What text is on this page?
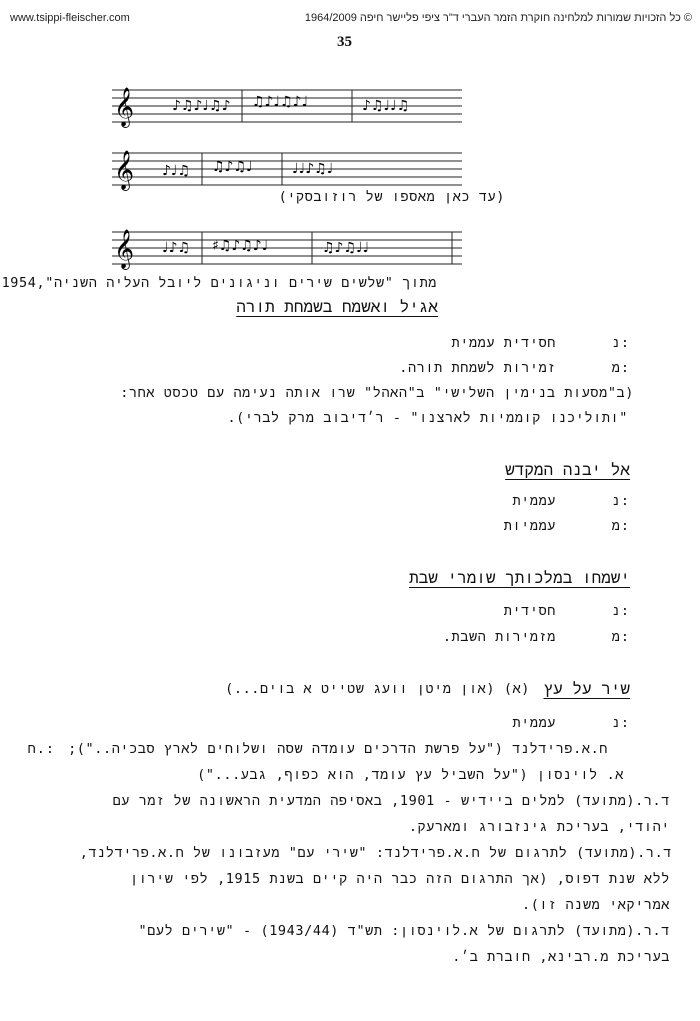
www.tsippi-fleischer.com	© כל הזכויות שמורות למלחינה חוקרת הזמר העברי ד"ר ציפי פליישר חיפה 1964/2009
35
𝄞	♪♫♪♩♫♪ ♫♪♩♫♪♩	♪♫♩♩♫
𝄞 ♪♩♫ ♫♪♫♩	♩♩♪♫♩
(עד כאן מאספו של רוזובסקי)
𝄞 ♩♪♫ ♯♫♪♫♪♩	♫♪♫♩♩
מתוך "שלשים שירים וניגונים ליובל העליה השניה",1954
אגיל ואשמח בשמחת תורה
נ:
חסידית עממית
מ:
זמירות לשמחת תורה.
(ב"מסעות בנימין השלישי" ב"האהל" שרו אותה נעימה עם טכסט אחר:
"ותוליכנו קוממיות לארצנו" - ר׳דיבוב מרק לברי).
אל יבנה המקדש
נ:
עממית
מ:
עממיות
ישמחו במלכותך שומרי שבת
נ:
חסידית
מ:
מזמירות השבת.
שיר על עץ
(א) (און מיטן וועג שטייט א בוים...)
נ:
עממית
ח.: ח.א.פרידלנד ("על פרשת הדרכים עומדה שסה ושלוחים לארץ סבכיה..");
א. לוינסון ("על השביל עץ עומד, הוא כפוף, גבע...")
ד.ר.(מתועד) למלים ביידיש - 1901, באסיפה המדעית הראשונה של זמר עם
יהודי, בעריכת גינזבורג ומארעק.
ד.ר.(מתועד) לתרגום של ח.א.פרידלנד: "שירי עם" מעזבונו של ח.א.פרידלנד,
ללא שנת דפוס, (אך התרגום הזה כבר היה קיים בשנת 1915, לפי שירון
אמריקאי משנה זו).
ד.ר.(מתועד) לתרגום של א.לוינסון: תש"ד (1943/44) - "שירים לעם"
בעריכת מ.רבינא, חוברת ב׳.
